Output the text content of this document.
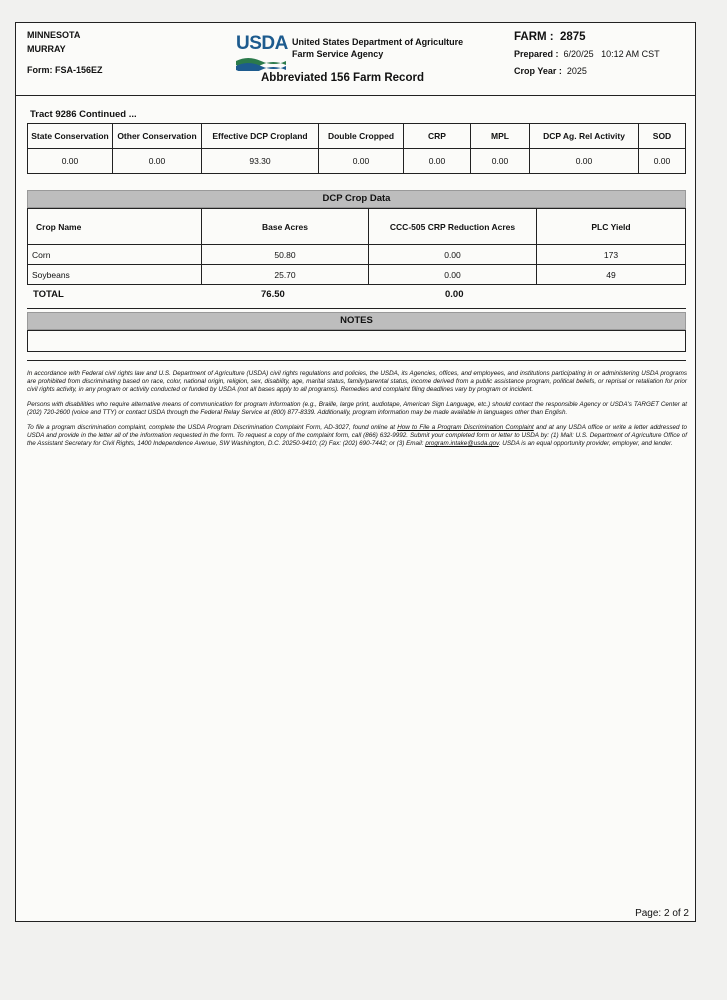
MINNESOTA
MURRAY
Form: FSA-156EZ
USDA United States Department of Agriculture
Farm Service Agency
Abbreviated 156 Farm Record
FARM : 2875
Prepared : 6/20/25 10:12 AM CST
Crop Year : 2025
Tract 9286 Continued ...
State Conservation	Other Conservation	Effective DCP Cropland	Double Cropped	CRP	MPL	DCP Ag. Rel Activity	SOD
0.00	0.00	93.30	0.00	0.00	0.00	0.00	0.00
DCP Crop Data
Crop Name	Base Acres	CCC-505 CRP Reduction Acres	PLC Yield
Corn	50.80	0.00	173
Soybeans	25.70	0.00	49
TOTAL	76.50	0.00
NOTES

In accordance with Federal civil rights law and U.S. Department of Agriculture (USDA) civil rights regulations and policies, the USDA, its Agencies, offices, and employees, and institutions participating in or administering USDA programs are prohibited from discriminating based on race, color, national origin, religion, sex, disability, age, marital status, family/parental status, income derived from a public assistance program, political beliefs, or reprisal or retaliation for prior civil rights activity, in any program or activity conducted or funded by USDA (not all bases apply to all programs). Remedies and complaint filing deadlines vary by program or incident.

Persons with disabilities who require alternative means of communication for program information (e.g., Braille, large print, audiotape, American Sign Language, etc.) should contact the responsible Agency or USDA's TARGET Center at (202) 720-2600 (voice and TTY) or contact USDA through the Federal Relay Service at (800) 877-8339. Additionally, program information may be made available in languages other than English.

To file a program discrimination complaint, complete the USDA Program Discrimination Complaint Form, AD-3027, found online at How to File a Program Discrimination Complaint and at any USDA office or write a letter addressed to USDA and provide in the letter all of the information requested in the form. To request a copy of the complaint form, call (866) 632-9992. Submit your completed form or letter to USDA by: (1) Mail: U.S. Department of Agriculture Office of the Assistant Secretary for Civil Rights, 1400 Independence Avenue, SW Washington, D.C. 20250-9410; (2) Fax: (202) 690-7442; or (3) Email: program.intake@usda.gov. USDA is an equal opportunity provider, employer, and lender.

Page: 2 of 2
